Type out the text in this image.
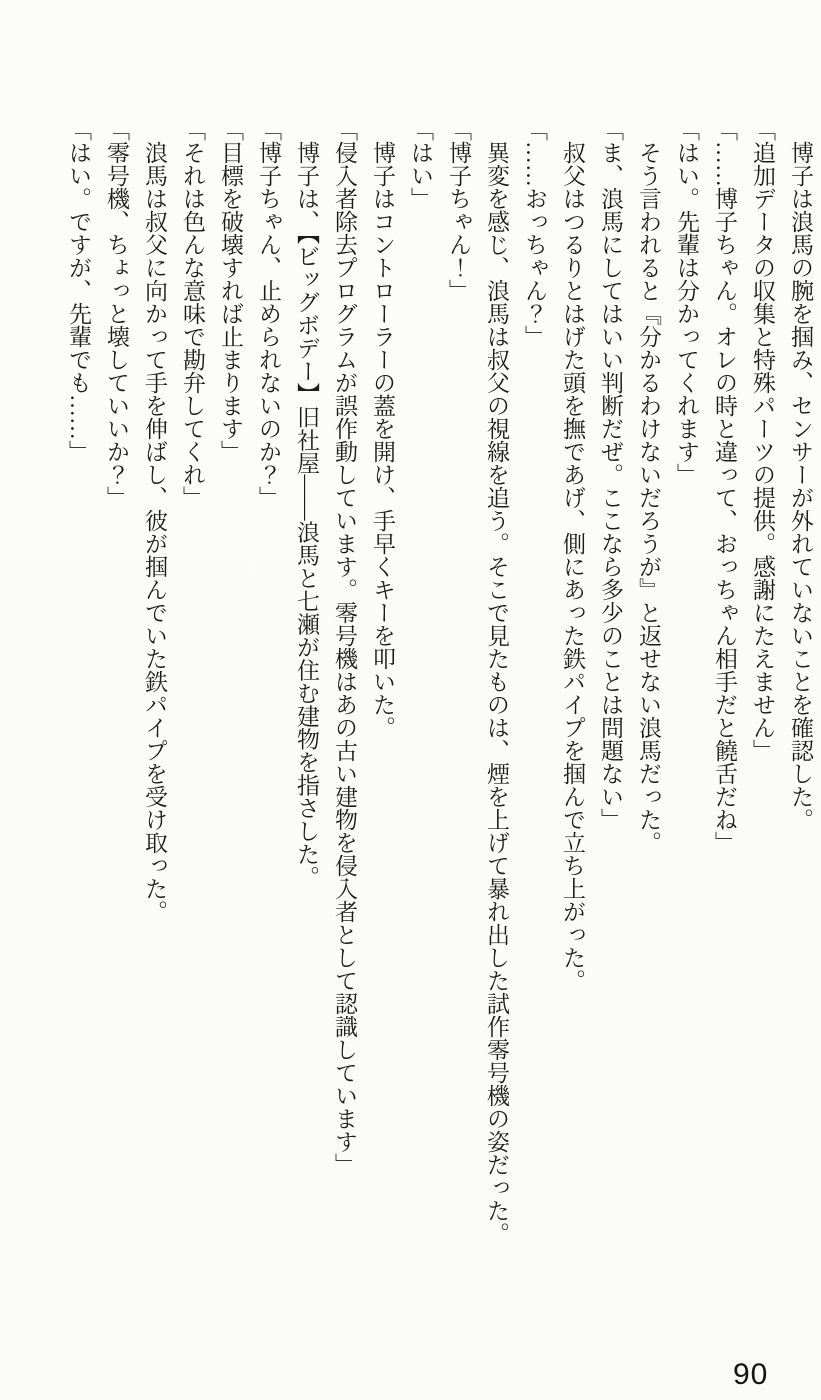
博子は浪馬の腕を掴み、センサーが外れていないことを確認した。

「追加データの収集と特殊パーツの提供。感謝にたえません」

「……博子ちゃん。オレの時と違って、おっちゃん相手だと饒舌だね」

「はい。先輩は分かってくれます」

そう言われると『分かるわけないだろうが』と返せない浪馬だった。

「ま、浪馬にしてはいい判断だぜ。ここなら多少のことは問題ない」

叔父はつるりとはげた頭を撫であげ、側にあった鉄パイプを掴んで立ち上がった。

「……おっちゃん？」

異変を感じ、浪馬は叔父の視線を追う。そこで見たものは、煙を上げて暴れ出した試作零号機の姿だった。

「博子ちゃん！」

「はい」

博子はコントローラーの蓋を開け、手早くキーを叩いた。

「侵入者除去プログラムが誤作動しています。零号機はあの古い建物を侵入者として認識しています」

博子は、【ビッグボデー】旧社屋――浪馬と七瀬が住む建物を指さした。

「博子ちゃん、止められないのか？」

「目標を破壊すれば止まります」

「それは色んな意味で勘弁してくれ」

浪馬は叔父に向かって手を伸ばし、彼が掴んでいた鉄パイプを受け取った。

「零号機、ちょっと壊していいか？」

「はい。ですが、先輩でも……」

90
